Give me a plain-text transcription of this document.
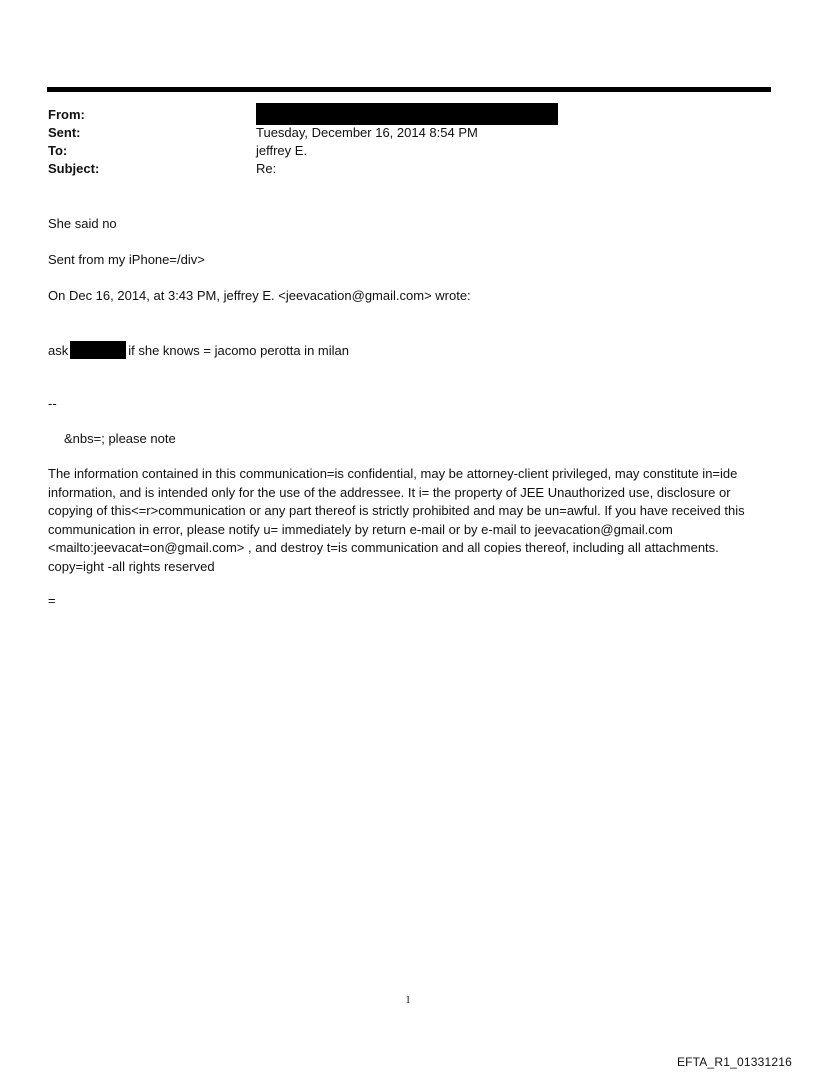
From:
Sent:	Tuesday, December 16, 2014 8:54 PM
To:	jeffrey E.
Subject:	Re:
She said no
Sent from my iPhone=/div>
On Dec 16, 2014, at 3:43 PM, jeffrey E. <jeevacation@gmail.com> wrote:
ask	if she knows = jacomo perotta in milan
--
&nbs=; please note
The information contained in this communication=is confidential, may be attorney-client privileged, may constitute in=ide information, and is intended only for the use of the addressee. It i= the property of JEE Unauthorized use, disclosure or copying of this<=r>communication or any part thereof is strictly prohibited and may be un=awful. If you have received this communication in error, please notify u= immediately by return e-mail or by e-mail to jeevacation@gmail.com <mailto:jeevacat=on@gmail.com> , and destroy t=is communication and all copies thereof, including all attachments. copy=ight -all rights reserved
=
1
EFTA_R1_01331216
